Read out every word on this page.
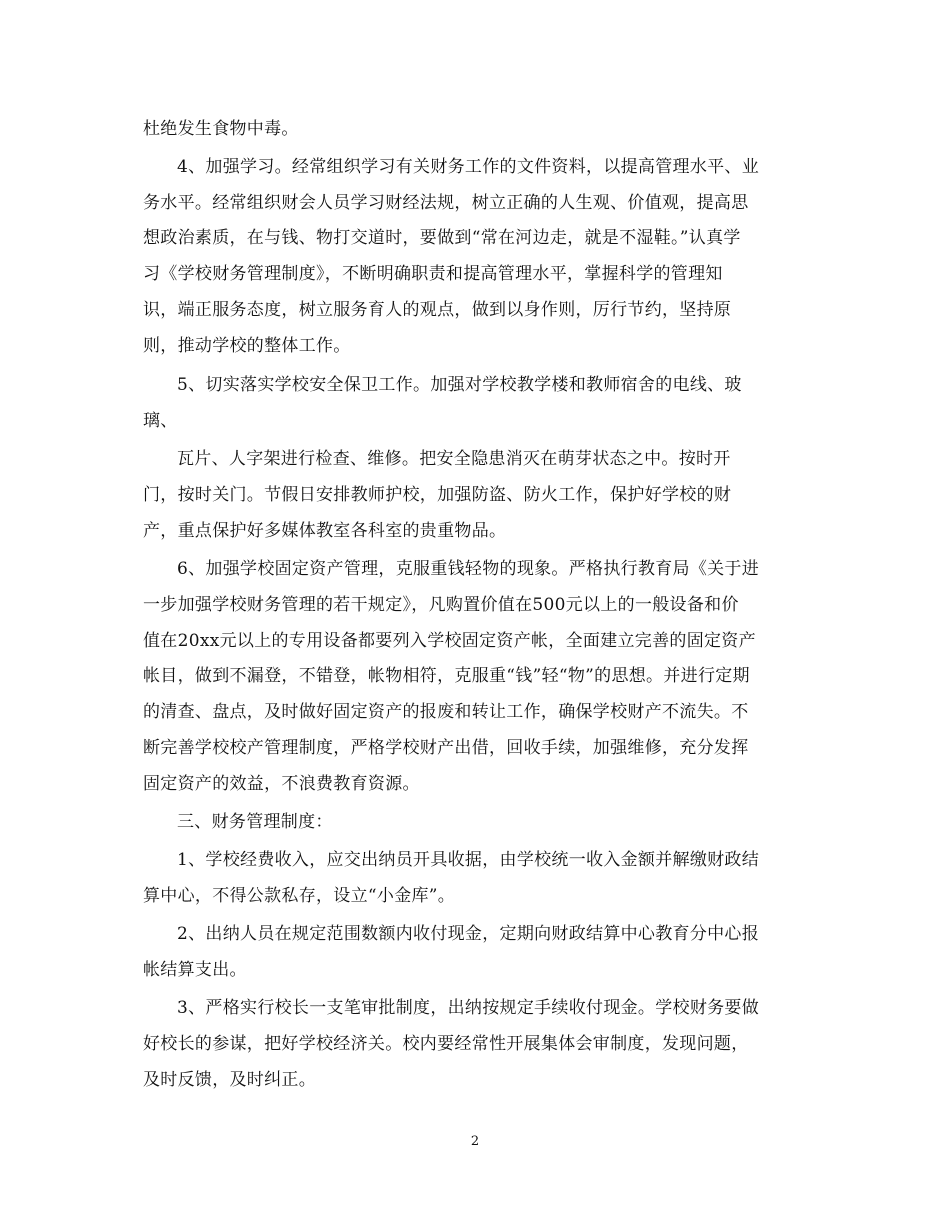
杜绝发生食物中毒。
4、加强学习。经常组织学习有关财务工作的文件资料，以提高管理水平、业
务水平。经常组织财会人员学习财经法规，树立正确的人生观、价值观，提高思
想政治素质，在与钱、物打交道时，要做到“常在河边走，就是不湿鞋。”认真学
习《学校财务管理制度》，不断明确职责和提高管理水平，掌握科学的管理知
识，端正服务态度，树立服务育人的观点，做到以身作则，厉行节约，坚持原
则，推动学校的整体工作。
5、切实落实学校安全保卫工作。加强对学校教学楼和教师宿舍的电线、玻
璃、
瓦片、人字架进行检查、维修。把安全隐患消灭在萌芽状态之中。按时开
门，按时关门。节假日安排教师护校，加强防盗、防火工作，保护好学校的财
产，重点保护好多媒体教室各科室的贵重物品。
6、加强学校固定资产管理，克服重钱轻物的现象。严格执行教育局《关于进
一步加强学校财务管理的若干规定》，凡购置价值在500元以上的一般设备和价
值在20xx元以上的专用设备都要列入学校固定资产帐，全面建立完善的固定资产
帐目，做到不漏登，不错登，帐物相符，克服重“钱”轻“物”的思想。并进行定期
的清查、盘点，及时做好固定资产的报废和转让工作，确保学校财产不流失。不
断完善学校校产管理制度，严格学校财产出借，回收手续，加强维修，充分发挥
固定资产的效益，不浪费教育资源。
三、财务管理制度：
1、学校经费收入，应交出纳员开具收据，由学校统一收入金额并解缴财政结
算中心，不得公款私存，设立“小金库”。
2、出纳人员在规定范围数额内收付现金，定期向财政结算中心教育分中心报
帐结算支出。
3、严格实行校长一支笔审批制度，出纳按规定手续收付现金。学校财务要做
好校长的参谋，把好学校经济关。校内要经常性开展集体会审制度，发现问题，
及时反馈，及时纠正。
2
